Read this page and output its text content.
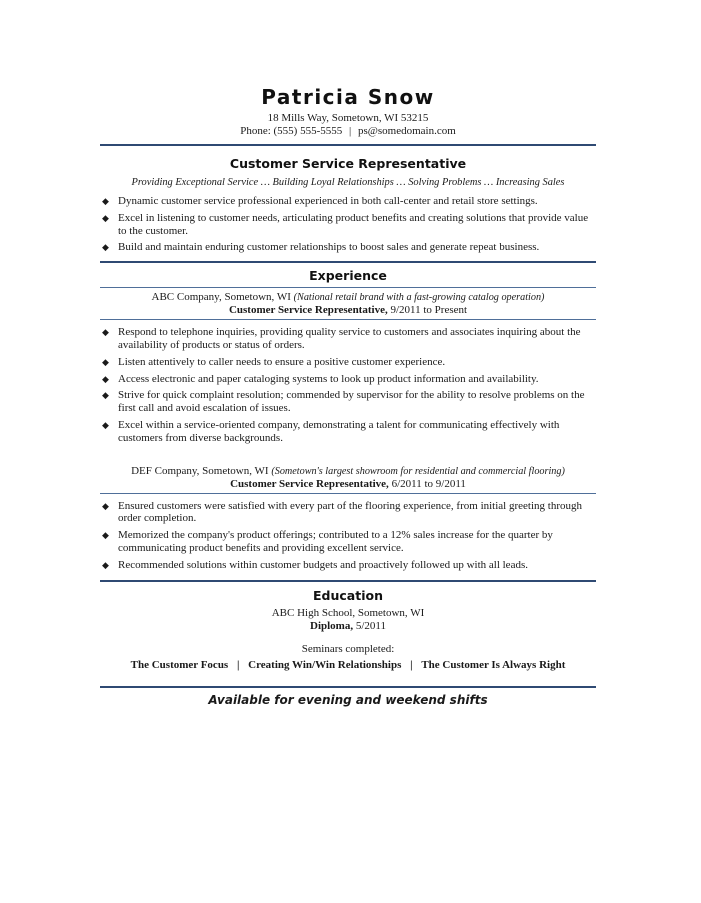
Patricia Snow
18 Mills Way, Sometown, WI 53215
Phone: (555) 555-5555 | ps@somedomain.com
Customer Service Representative
Providing Exceptional Service … Building Loyal Relationships … Solving Problems … Increasing Sales
◆ Dynamic customer service professional experienced in both call-center and retail store settings.
◆ Excel in listening to customer needs, articulating product benefits and creating solutions that provide value to the customer.
◆ Build and maintain enduring customer relationships to boost sales and generate repeat business.
Experience
ABC Company, Sometown, WI (National retail brand with a fast-growing catalog operation)
Customer Service Representative, 9/2011 to Present
◆ Respond to telephone inquiries, providing quality service to customers and associates inquiring about the availability of products or status of orders.
◆ Listen attentively to caller needs to ensure a positive customer experience.
◆ Access electronic and paper cataloging systems to look up product information and availability.
◆ Strive for quick complaint resolution; commended by supervisor for the ability to resolve problems on the first call and avoid escalation of issues.
◆ Excel within a service-oriented company, demonstrating a talent for communicating effectively with customers from diverse backgrounds.
DEF Company, Sometown, WI (Sometown's largest showroom for residential and commercial flooring)
Customer Service Representative, 6/2011 to 9/2011
◆ Ensured customers were satisfied with every part of the flooring experience, from initial greeting through order completion.
◆ Memorized the company's product offerings; contributed to a 12% sales increase for the quarter by communicating product benefits and providing excellent service.
◆ Recommended solutions within customer budgets and proactively followed up with all leads.
Education
ABC High School, Sometown, WI
Diploma, 5/2011
Seminars completed:
The Customer Focus | Creating Win/Win Relationships | The Customer Is Always Right
Available for evening and weekend shifts
